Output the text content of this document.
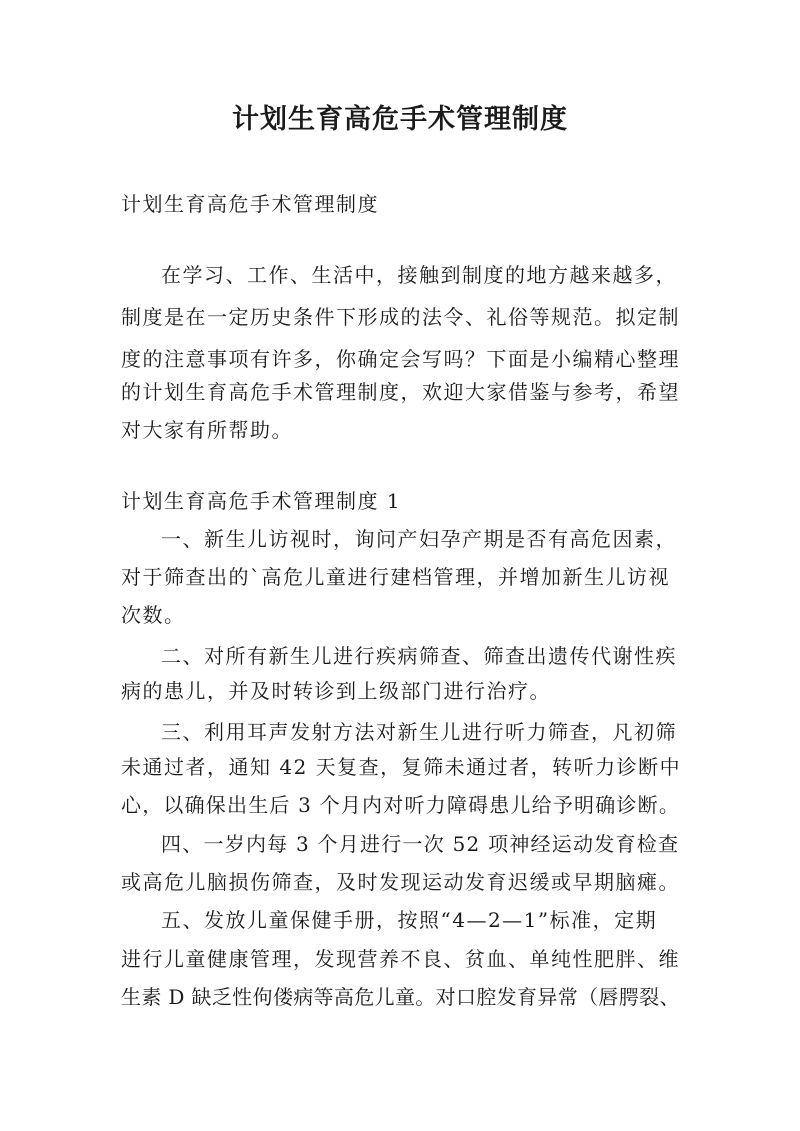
计划生育高危手术管理制度
计划生育高危手术管理制度
在学习、工作、生活中，接触到制度的地方越来越多，
制度是在一定历史条件下形成的法令、礼俗等规范。拟定制
度的注意事项有许多，你确定会写吗？下面是小编精心整理
的计划生育高危手术管理制度，欢迎大家借鉴与参考，希望
对大家有所帮助。
计划生育高危手术管理制度 1
一、新生儿访视时，询问产妇孕产期是否有高危因素，
对于筛查出的`高危儿童进行建档管理，并增加新生儿访视
次数。
二、对所有新生儿进行疾病筛查、筛查出遗传代谢性疾
病的患儿，并及时转诊到上级部门进行治疗。
三、利用耳声发射方法对新生儿进行听力筛查，凡初筛
未通过者，通知 42 天复查，复筛未通过者，转听力诊断中
心，以确保出生后 3 个月内对听力障碍患儿给予明确诊断。
四、一岁内每 3 个月进行一次 52 项神经运动发育检查
或高危儿脑损伤筛查，及时发现运动发育迟缓或早期脑瘫。
五、发放儿童保健手册，按照“4—2—1”标准，定期
进行儿童健康管理，发现营养不良、贫血、单纯性肥胖、维
生素 D 缺乏性佝偻病等高危儿童。对口腔发育异常（唇腭裂、
